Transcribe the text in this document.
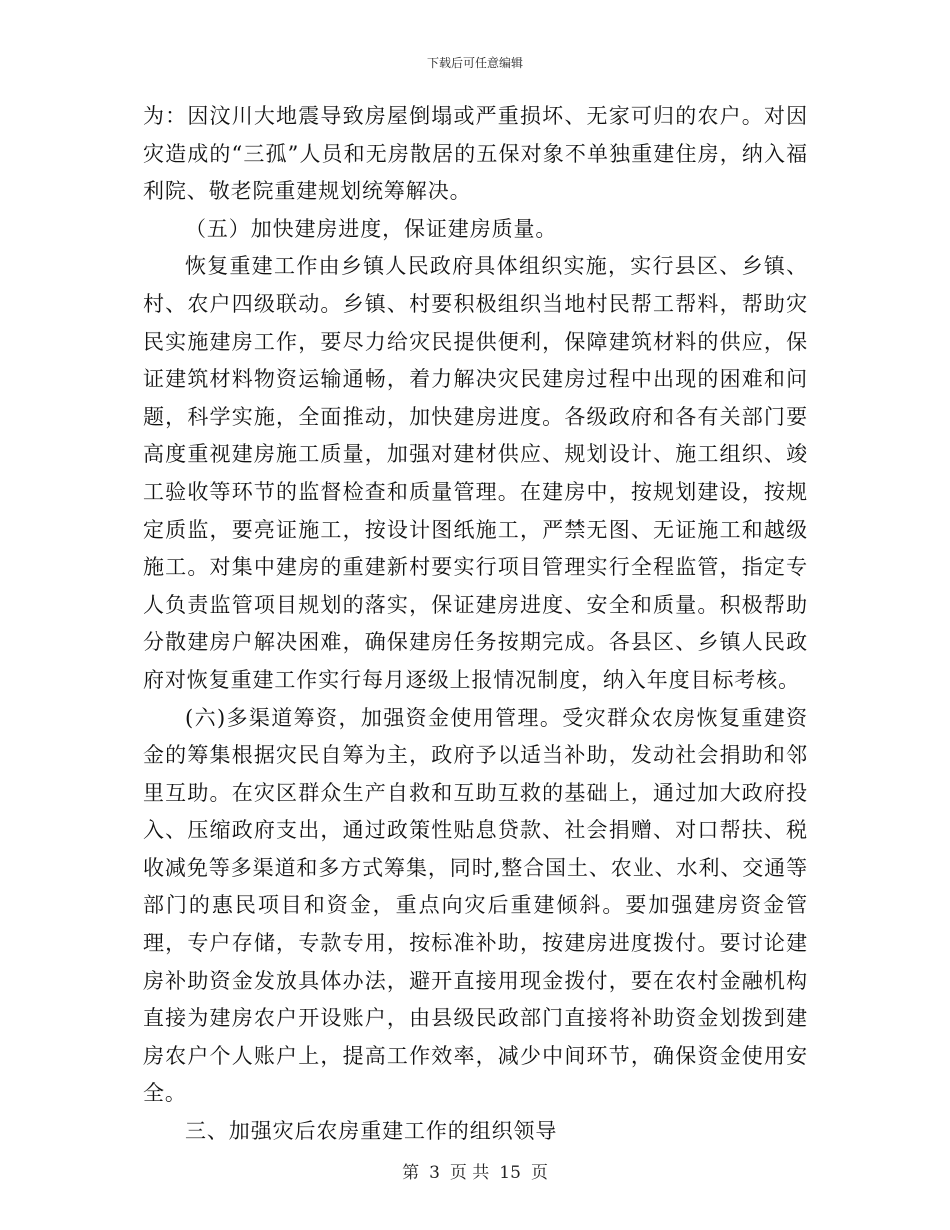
下载后可任意编辑

为：因汶川大地震导致房屋倒塌或严重损坏、无家可归的农户。对因灾造成的“三孤”人员和无房散居的五保对象不单独重建住房，纳入福利院、敬老院重建规划统筹解决。

（五）加快建房进度，保证建房质量。

恢复重建工作由乡镇人民政府具体组织实施，实行县区、乡镇、村、农户四级联动。乡镇、村要积极组织当地村民帮工帮料，帮助灾民实施建房工作，要尽力给灾民提供便利，保障建筑材料的供应，保证建筑材料物资运输通畅，着力解决灾民建房过程中出现的困难和问题，科学实施，全面推动，加快建房进度。各级政府和各有关部门要高度重视建房施工质量，加强对建材供应、规划设计、施工组织、竣工验收等环节的监督检查和质量管理。在建房中，按规划建设，按规定质监，要亮证施工，按设计图纸施工，严禁无图、无证施工和越级施工。对集中建房的重建新村要实行项目管理实行全程监管，指定专人负责监管项目规划的落实，保证建房进度、安全和质量。积极帮助分散建房户解决困难，确保建房任务按期完成。各县区、乡镇人民政府对恢复重建工作实行每月逐级上报情况制度，纳入年度目标考核。

(六)多渠道筹资，加强资金使用管理。受灾群众农房恢复重建资金的筹集根据灾民自筹为主，政府予以适当补助，发动社会捐助和邻里互助。在灾区群众生产自救和互助互救的基础上，通过加大政府投入、压缩政府支出，通过政策性贴息贷款、社会捐赠、对口帮扶、税收减免等多渠道和多方式筹集，同时,整合国土、农业、水利、交通等部门的惠民项目和资金，重点向灾后重建倾斜。要加强建房资金管理，专户存储，专款专用，按标准补助，按建房进度拨付。要讨论建房补助资金发放具体办法，避开直接用现金拨付，要在农村金融机构直接为建房农户开设账户，由县级民政部门直接将补助资金划拨到建房农户个人账户上，提高工作效率，减少中间环节，确保资金使用安全。

三、加强灾后农房重建工作的组织领导

第 3 页 共 15 页
